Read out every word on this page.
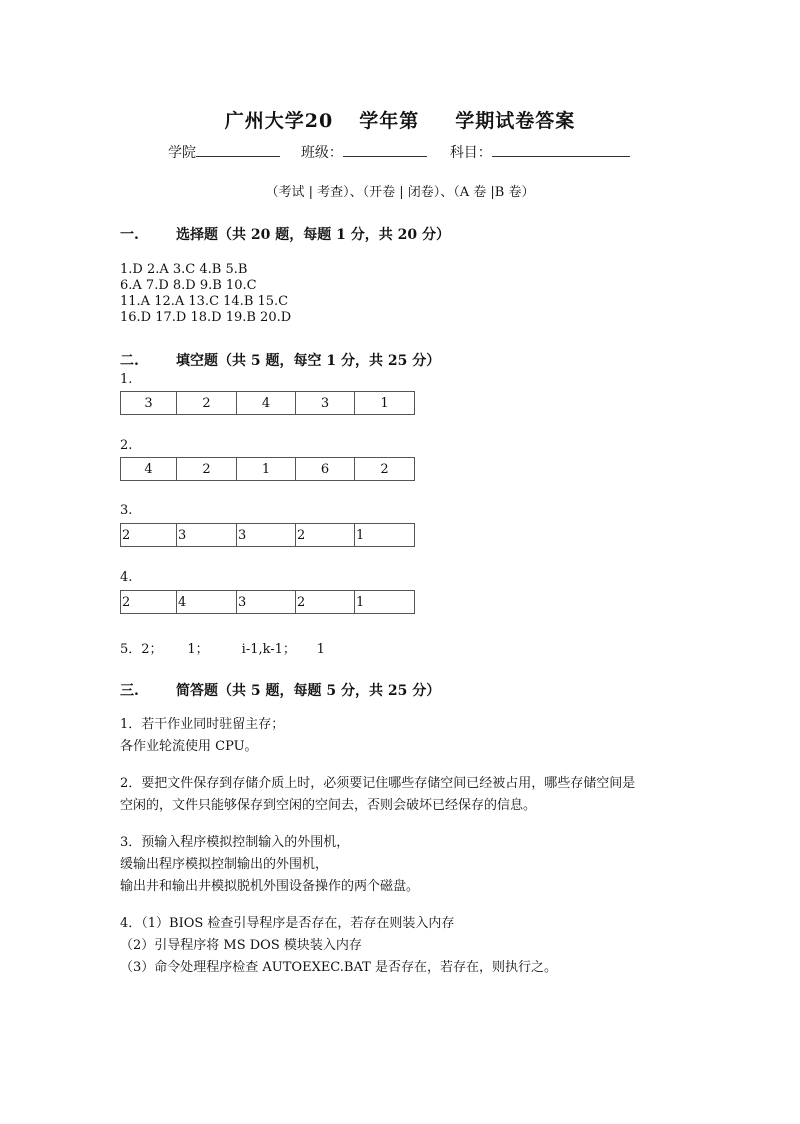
广州大学20 学年第 学期试卷答案
学院	班级：	科目：
（考试 | 考查）、（开卷 | 闭卷）、（A 卷 |B 卷）
一.	选择题（共 20 题，每题 1 分，共 20 分）
1.D 2.A 3.C 4.B 5.B
6.A 7.D 8.D 9.B 10.C
11.A 12.A 13.C 14.B 15.C
16.D 17.D 18.D 19.B 20.D
二.	填空题（共 5 题，每空 1 分，共 25 分）
1.
3	2	4	3	1
2.
4	2	1	6	2
3.
2	3	3	2	1
4.
2	4	3	2	1
5．2；      1；        i-1,k-1；     1
三.	简答题（共 5 题，每题 5 分，共 25 分）
1．若干作业同时驻留主存；
各作业轮流使用 CPU。
2．要把文件保存到存储介质上时，必须要记住哪些存储空间已经被占用，哪些存储空间是
空闲的，文件只能够保存到空闲的空间去，否则会破坏已经保存的信息。
3．预输入程序模拟控制输入的外围机，
缓输出程序模拟控制输出的外围机，
输出井和输出井模拟脱机外围设备操作的两个磁盘。
4．（1）BIOS 检查引导程序是否存在，若存在则装入内存
（2）引导程序将 MS DOS 模块装入内存
（3）命令处理程序检查 AUTOEXEC.BAT 是否存在，若存在，则执行之。
